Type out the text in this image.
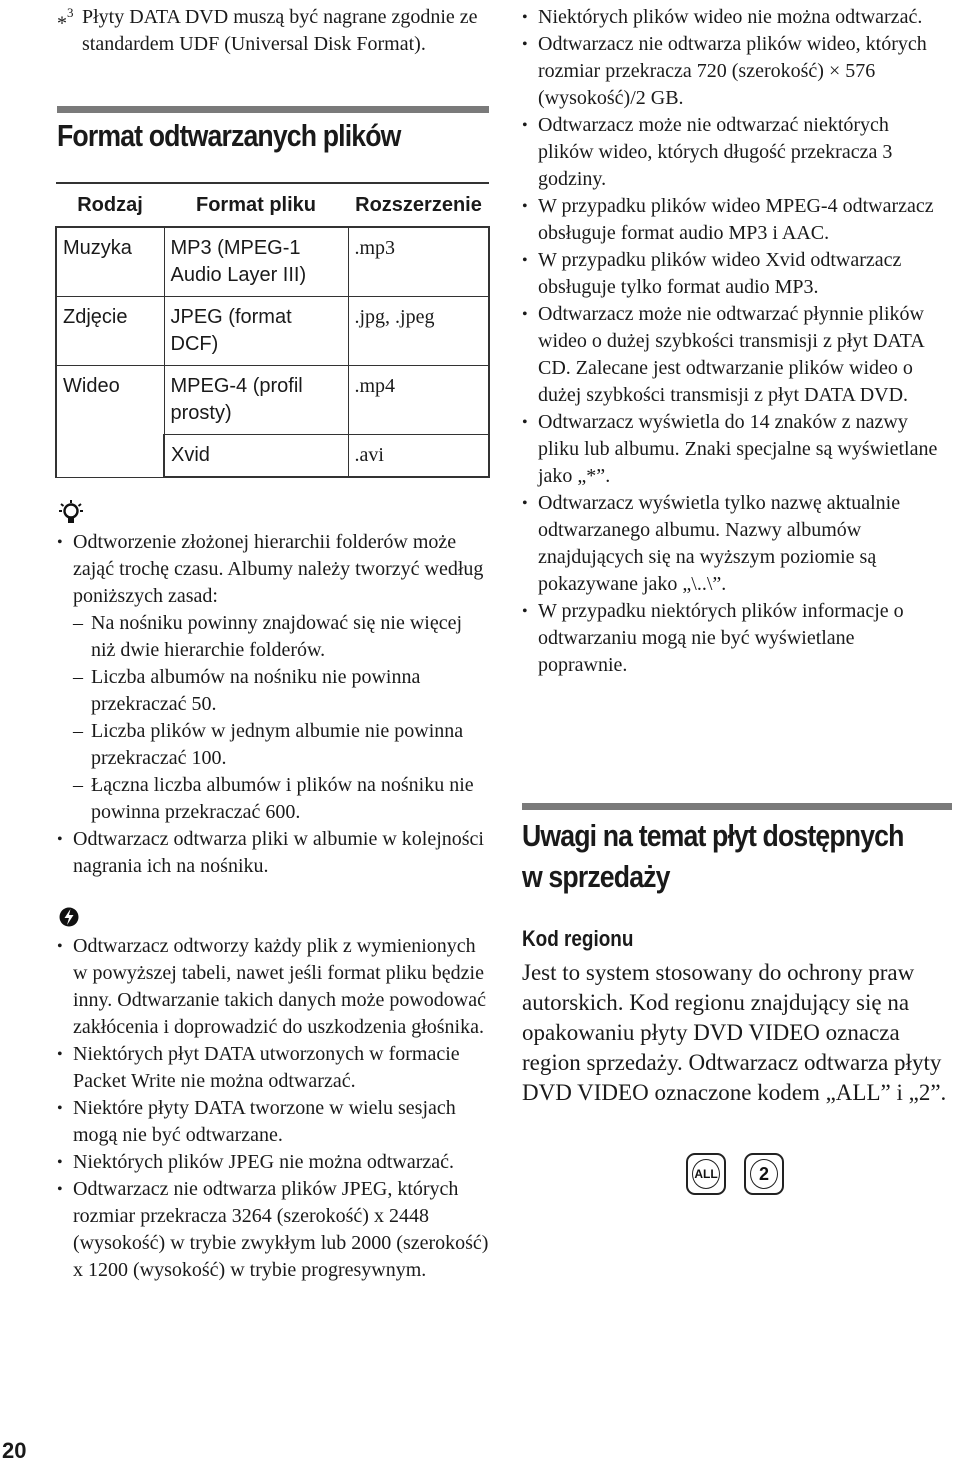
*$^3$ Płyty DATA DVD muszą być nagrane zgodnie ze standardem UDF (Universal Disk Format).
Format odtwarzanych plików
Rodzaj	Format pliku	Rozszerzenie
Muzyka	MP3 (MPEG-1 Audio Layer III)	.mp3
Zdjęcie	JPEG (format DCF)	.jpg, .jpeg
Wideo	MPEG-4 (profil prosty)	.mp4
	Xvid	.avi
• Odtworzenie złożonej hierarchii folderów może zająć trochę czasu. Albumy należy tworzyć według poniższych zasad:
– Na nośniku powinny znajdować się nie więcej niż dwie hierarchie folderów.
– Liczba albumów na nośniku nie powinna przekraczać 50.
– Liczba plików w jednym albumie nie powinna przekraczać 100.
– Łączna liczba albumów i plików na nośniku nie powinna przekraczać 600.
• Odtwarzacz odtwarza pliki w albumie w kolejności nagrania ich na nośniku.
• Odtwarzacz odtworzy każdy plik z wymienionych w powyższej tabeli, nawet jeśli format pliku będzie inny. Odtwarzanie takich danych może powodować zakłócenia i doprowadzić do uszkodzenia głośnika.
• Niektórych płyt DATA utworzonych w formacie Packet Write nie można odtwarzać.
• Niektóre płyty DATA tworzone w wielu sesjach mogą nie być odtwarzane.
• Niektórych plików JPEG nie można odtwarzać.
• Odtwarzacz nie odtwarza plików JPEG, których rozmiar przekracza 3264 (szerokość) x 2448 (wysokość) w trybie zwykłym lub 2000 (szerokość) x 1200 (wysokość) w trybie progresywnym.
• Niektórych plików wideo nie można odtwarzać.
• Odtwarzacz nie odtwarza plików wideo, których rozmiar przekracza 720 (szerokość) × 576 (wysokość)/2 GB.
• Odtwarzacz może nie odtwarzać niektórych plików wideo, których długość przekracza 3 godziny.
• W przypadku plików wideo MPEG-4 odtwarzacz obsługuje format audio MP3 i AAC.
• W przypadku plików wideo Xvid odtwarzacz obsługuje tylko format audio MP3.
• Odtwarzacz może nie odtwarzać płynnie plików wideo o dużej szybkości transmisji z płyt DATA CD. Zalecane jest odtwarzanie plików wideo o dużej szybkości transmisji z płyt DATA DVD.
• Odtwarzacz wyświetla do 14 znaków z nazwy pliku lub albumu. Znaki specjalne są wyświetlane jako „*”.
• Odtwarzacz wyświetla tylko nazwę aktualnie odtwarzanego albumu. Nazwy albumów znajdujących się na wyższym poziomie są pokazywane jako „\..\”.
• W przypadku niektórych plików informacje o odtwarzaniu mogą nie być wyświetlane poprawnie.
Uwagi na temat płyt dostępnych
w sprzedaży
Kod regionu

Jest to system stosowany do ochrony praw autorskich. Kod regionu znajdujący się na opakowaniu płyty DVD VIDEO oznacza region sprzedaży. Odtwarzacz odtwarza płyty DVD VIDEO oznaczone kodem „ALL” i „2”.

ALL	2
20
